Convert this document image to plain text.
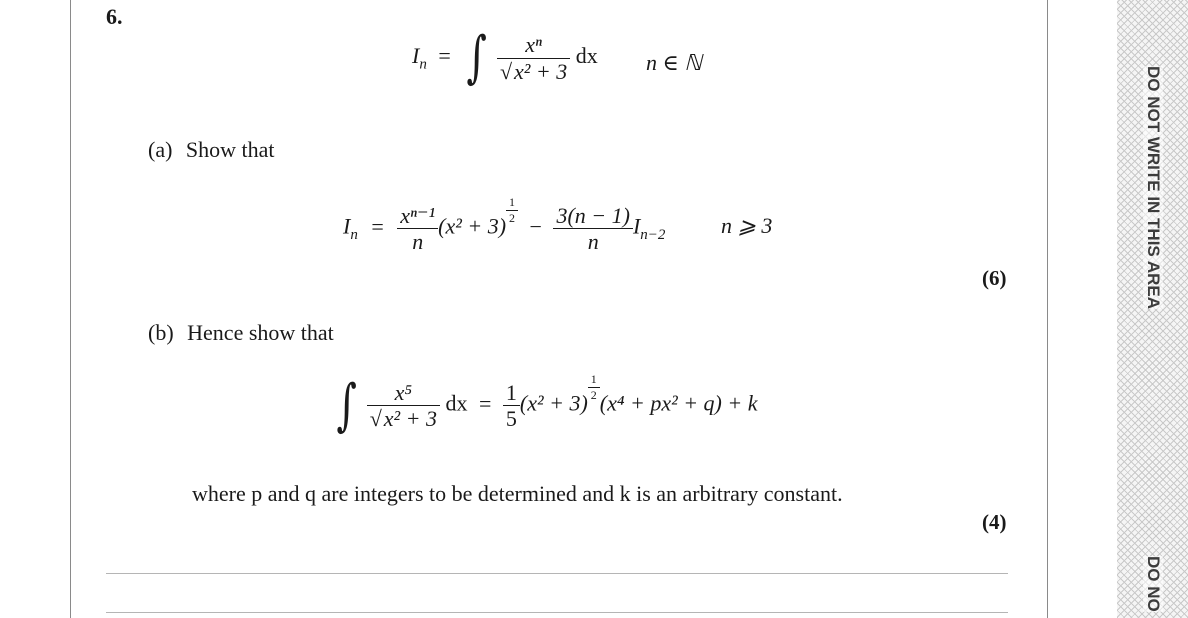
DO NOT WRITE IN THIS AREA
DO NO
6.
$I_n$ = ∫ $\frac{\text{xⁿ}}{\text{√x² + 3}}$ dx n ∈ ℕ
(a) Show that
$I_n = \frac{\text{xⁿ⁻¹}}{n} (x^2 + 3)$
$\frac{1}{2}$
− $\frac{3(n - 1)}{n} I_{n-2}$	n ⩾ 3
(6)
(b) Hence show that
∫ $\frac{\text{x⁵}}{\text{√x² + 3}}$ dx = $\frac{1}{5} (x^2 + 3)$
$\frac{1}{2}$
(x⁴ + px² + q) + k
where p and q are integers to be determined and k is an arbitrary constant.
(4)
